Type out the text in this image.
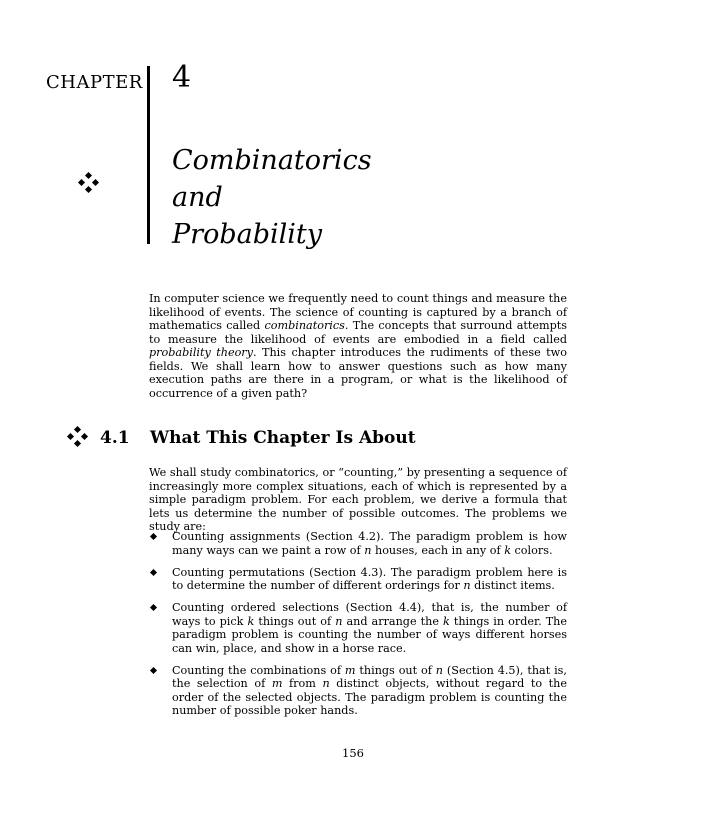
CHAPTER 4
Combinatorics
and
Probability

In computer science we frequently need to count things and measure the likelihood of events. The science of counting is captured by a branch of mathematics called combinatorics. The concepts that surround attempts to measure the likelihood of events are embodied in a field called probability theory. This chapter introduces the rudiments of these two fields. We shall learn how to answer questions such as how many execution paths are there in a program, or what is the likelihood of occurrence of a given path?

4.1 What This Chapter Is About

We shall study combinatorics, or “counting,” by presenting a sequence of increasingly more complex situations, each of which is represented by a simple paradigm problem. For each problem, we derive a formula that lets us determine the number of possible outcomes. The problems we study are:

Counting assignments (Section 4.2). The paradigm problem is how many ways can we paint a row of n houses, each in any of k colors.
Counting permutations (Section 4.3). The paradigm problem here is to determine the number of different orderings for n distinct items.
Counting ordered selections (Section 4.4), that is, the number of ways to pick k things out of n and arrange the k things in order. The paradigm problem is counting the number of ways different horses can win, place, and show in a horse race.
Counting the combinations of m things out of n (Section 4.5), that is, the selection of m from n distinct objects, without regard to the order of the selected objects. The paradigm problem is counting the number of possible poker hands.
156
